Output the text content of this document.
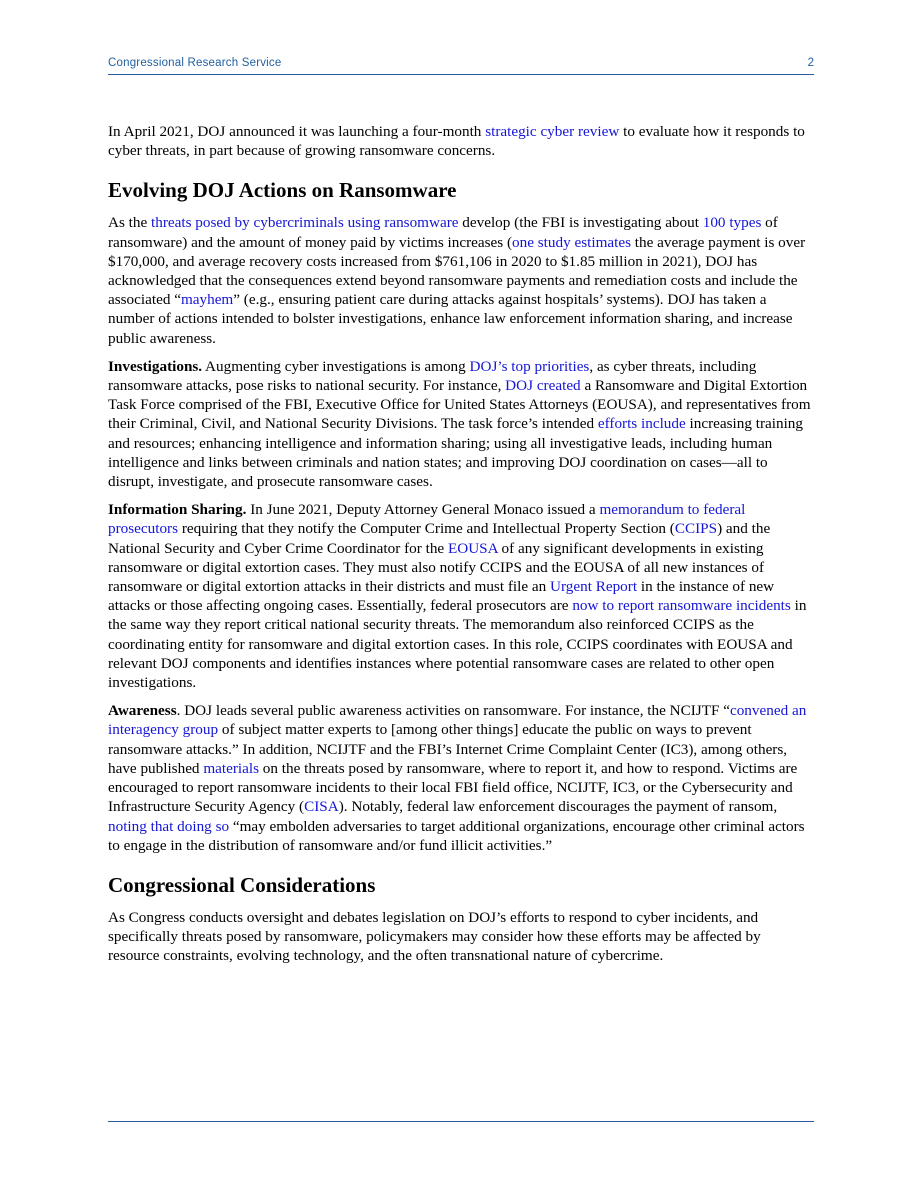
Congressional Research Service	2

In April 2021, DOJ announced it was launching a four-month strategic cyber review to evaluate how it responds to cyber threats, in part because of growing ransomware concerns.

Evolving DOJ Actions on Ransomware

As the threats posed by cybercriminals using ransomware develop (the FBI is investigating about 100 types of ransomware) and the amount of money paid by victims increases (one study estimates the average payment is over $170,000, and average recovery costs increased from $761,106 in 2020 to $1.85 million in 2021), DOJ has acknowledged that the consequences extend beyond ransomware payments and remediation costs and include the associated “mayhem” (e.g., ensuring patient care during attacks against hospitals’ systems). DOJ has taken a number of actions intended to bolster investigations, enhance law enforcement information sharing, and increase public awareness.

Investigations. Augmenting cyber investigations is among DOJ’s top priorities, as cyber threats, including ransomware attacks, pose risks to national security. For instance, DOJ created a Ransomware and Digital Extortion Task Force comprised of the FBI, Executive Office for United States Attorneys (EOUSA), and representatives from their Criminal, Civil, and National Security Divisions. The task force’s intended efforts include increasing training and resources; enhancing intelligence and information sharing; using all investigative leads, including human intelligence and links between criminals and nation states; and improving DOJ coordination on cases—all to disrupt, investigate, and prosecute ransomware cases.

Information Sharing. In June 2021, Deputy Attorney General Monaco issued a memorandum to federal prosecutors requiring that they notify the Computer Crime and Intellectual Property Section (CCIPS) and the National Security and Cyber Crime Coordinator for the EOUSA of any significant developments in existing ransomware or digital extortion cases. They must also notify CCIPS and the EOUSA of all new instances of ransomware or digital extortion attacks in their districts and must file an Urgent Report in the instance of new attacks or those affecting ongoing cases. Essentially, federal prosecutors are now to report ransomware incidents in the same way they report critical national security threats. The memorandum also reinforced CCIPS as the coordinating entity for ransomware and digital extortion cases. In this role, CCIPS coordinates with EOUSA and relevant DOJ components and identifies instances where potential ransomware cases are related to other open investigations.

Awareness. DOJ leads several public awareness activities on ransomware. For instance, the NCIJTF “convened an interagency group of subject matter experts to [among other things] educate the public on ways to prevent ransomware attacks.” In addition, NCIJTF and the FBI’s Internet Crime Complaint Center (IC3), among others, have published materials on the threats posed by ransomware, where to report it, and how to respond. Victims are encouraged to report ransomware incidents to their local FBI field office, NCIJTF, IC3, or the Cybersecurity and Infrastructure Security Agency (CISA). Notably, federal law enforcement discourages the payment of ransom, noting that doing so “may embolden adversaries to target additional organizations, encourage other criminal actors to engage in the distribution of ransomware and/or fund illicit activities.”

Congressional Considerations

As Congress conducts oversight and debates legislation on DOJ’s efforts to respond to cyber incidents, and specifically threats posed by ransomware, policymakers may consider how these efforts may be affected by resource constraints, evolving technology, and the often transnational nature of cybercrime.
